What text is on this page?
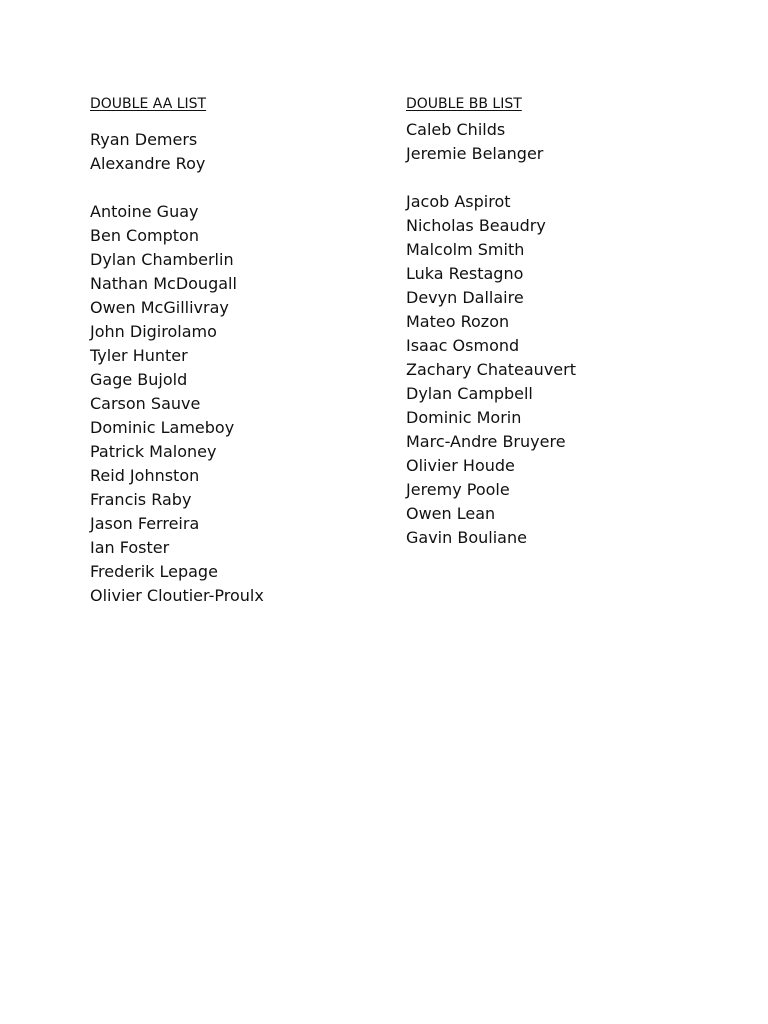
DOUBLE AA LIST
Ryan Demers
Alexandre Roy
Antoine Guay
Ben Compton
Dylan Chamberlin
Nathan McDougall
Owen McGillivray
John Digirolamo
Tyler Hunter
Gage Bujold
Carson Sauve
Dominic Lameboy
Patrick Maloney
Reid Johnston
Francis Raby
Jason Ferreira
Ian Foster
Frederik Lepage
Olivier Cloutier-Proulx
DOUBLE BB LIST
Caleb Childs
Jeremie Belanger
Jacob Aspirot
Nicholas Beaudry
Malcolm Smith
Luka Restagno
Devyn Dallaire
Mateo Rozon
Isaac Osmond
Zachary Chateauvert
Dylan Campbell
Dominic Morin
Marc-Andre Bruyere
Olivier Houde
Jeremy Poole
Owen Lean
Gavin Bouliane
